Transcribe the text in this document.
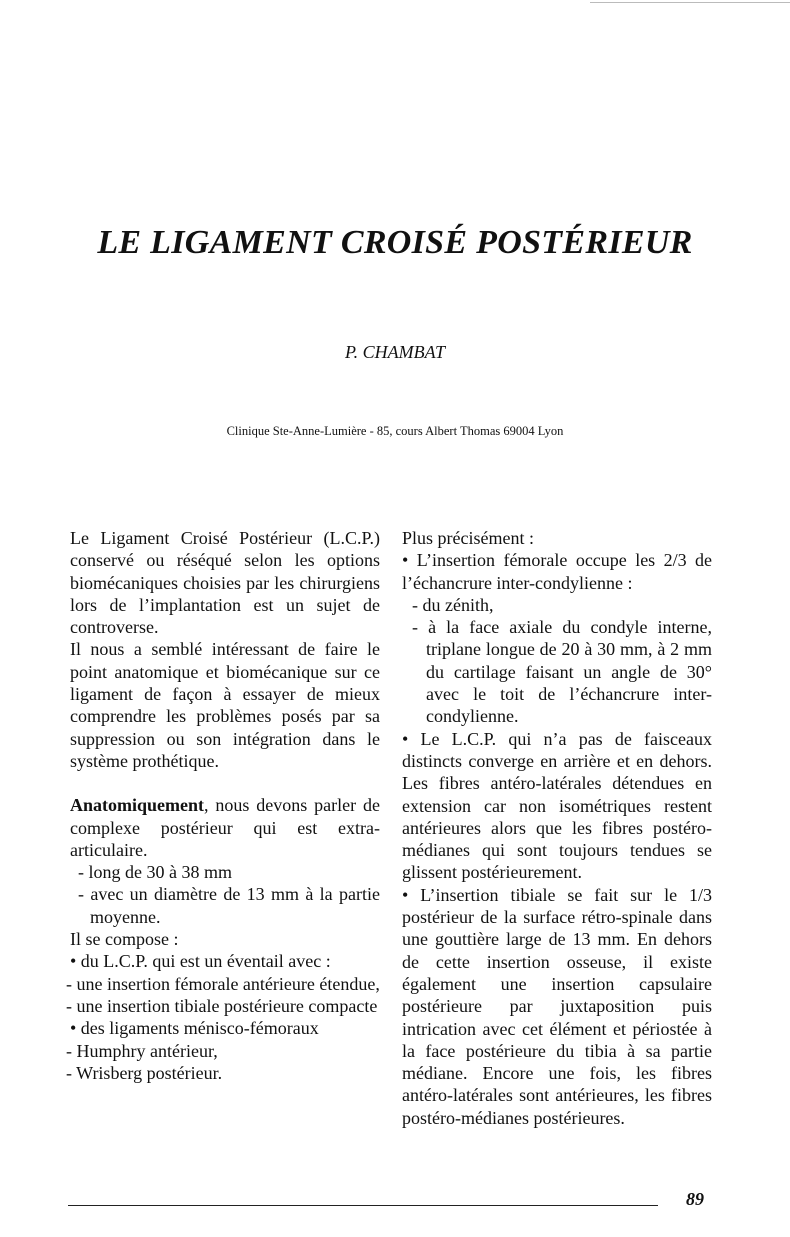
LE LIGAMENT CROISÉ POSTÉRIEUR
P. CHAMBAT
Clinique Ste-Anne-Lumière - 85, cours Albert Thomas 69004 Lyon

Le Ligament Croisé Postérieur (L.C.P.) conservé ou réséqué selon les options biomécaniques choisies par les chirurgiens lors de l’implantation est un sujet de controverse.

Il nous a semblé intéressant de faire le point anatomique et biomécanique sur ce ligament de façon à essayer de mieux comprendre les problèmes posés par sa suppression ou son intégration dans le système prothétique.

Anatomiquement, nous devons parler de complexe postérieur qui est extra-articulaire.

- long de 30 à 38 mm

- avec un diamètre de 13 mm à la partie moyenne.

Il se compose :

• du L.C.P. qui est un éventail avec :

- une insertion fémorale antérieure étendue,

- une insertion tibiale postérieure compacte

• des ligaments ménisco-fémoraux

- Humphry antérieur,

- Wrisberg postérieur.

Plus précisément :

• L’insertion fémorale occupe les 2/3 de l’échancrure inter-condylienne :

- du zénith,

- à la face axiale du condyle interne, triplane longue de 20 à 30 mm, à 2 mm du cartilage faisant un angle de 30° avec le toit de l’échancrure inter-condylienne.

• Le L.C.P. qui n’a pas de faisceaux distincts converge en arrière et en dehors. Les fibres antéro-latérales détendues en extension car non isométriques restent antérieures alors que les fibres postéro-médianes qui sont toujours tendues se glissent postérieurement.

• L’insertion tibiale se fait sur le 1/3 postérieur de la surface rétro-spinale dans une gouttière large de 13 mm. En dehors de cette insertion osseuse, il existe également une insertion capsulaire postérieure par juxtaposition puis intrication avec cet élément et périostée à la face postérieure du tibia à sa partie médiane. Encore une fois, les fibres antéro-latérales sont antérieures, les fibres postéro-médianes postérieures.

89
